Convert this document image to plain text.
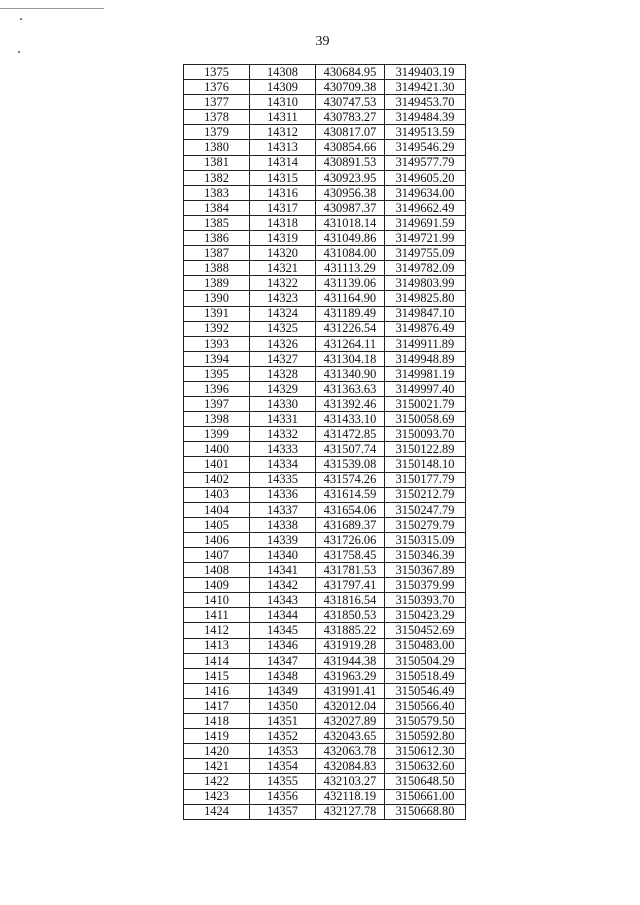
39
1375	14308	430684.95	3149403.19
1376	14309	430709.38	3149421.30
1377	14310	430747.53	3149453.70
1378	14311	430783.27	3149484.39
1379	14312	430817.07	3149513.59
1380	14313	430854.66	3149546.29
1381	14314	430891.53	3149577.79
1382	14315	430923.95	3149605.20
1383	14316	430956.38	3149634.00
1384	14317	430987.37	3149662.49
1385	14318	431018.14	3149691.59
1386	14319	431049.86	3149721.99
1387	14320	431084.00	3149755.09
1388	14321	431113.29	3149782.09
1389	14322	431139.06	3149803.99
1390	14323	431164.90	3149825.80
1391	14324	431189.49	3149847.10
1392	14325	431226.54	3149876.49
1393	14326	431264.11	3149911.89
1394	14327	431304.18	3149948.89
1395	14328	431340.90	3149981.19
1396	14329	431363.63	3149997.40
1397	14330	431392.46	3150021.79
1398	14331	431433.10	3150058.69
1399	14332	431472.85	3150093.70
1400	14333	431507.74	3150122.89
1401	14334	431539.08	3150148.10
1402	14335	431574.26	3150177.79
1403	14336	431614.59	3150212.79
1404	14337	431654.06	3150247.79
1405	14338	431689.37	3150279.79
1406	14339	431726.06	3150315.09
1407	14340	431758.45	3150346.39
1408	14341	431781.53	3150367.89
1409	14342	431797.41	3150379.99
1410	14343	431816.54	3150393.70
1411	14344	431850.53	3150423.29
1412	14345	431885.22	3150452.69
1413	14346	431919.28	3150483.00
1414	14347	431944.38	3150504.29
1415	14348	431963.29	3150518.49
1416	14349	431991.41	3150546.49
1417	14350	432012.04	3150566.40
1418	14351	432027.89	3150579.50
1419	14352	432043.65	3150592.80
1420	14353	432063.78	3150612.30
1421	14354	432084.83	3150632.60
1422	14355	432103.27	3150648.50
1423	14356	432118.19	3150661.00
1424	14357	432127.78	3150668.80
